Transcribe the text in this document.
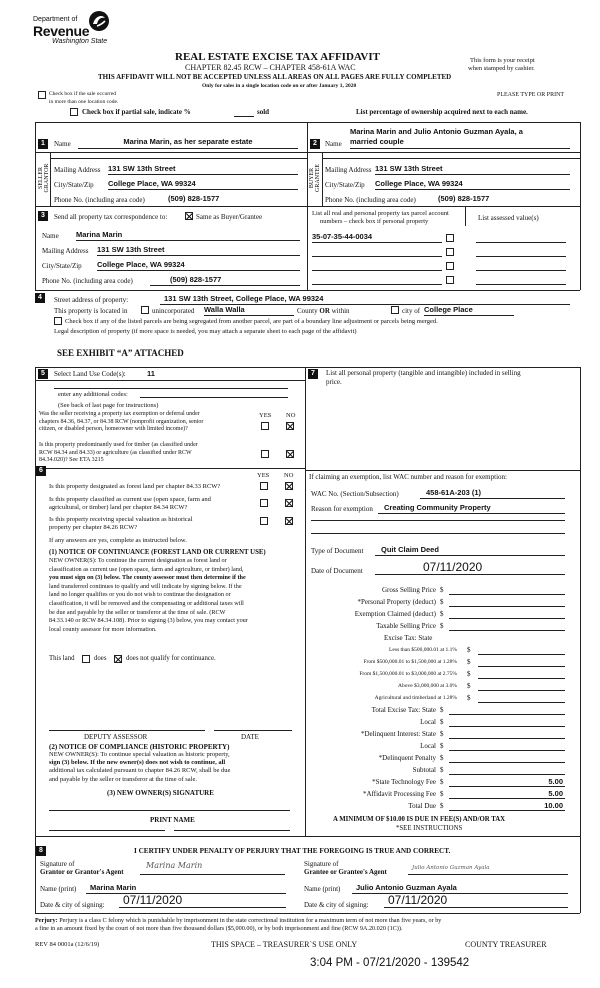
Department of
Revenue
Washington State
REAL ESTATE EXCISE TAX AFFIDAVIT
CHAPTER 82.45 RCW – CHAPTER 458-61A WAC
THIS AFFIDAVIT WILL NOT BE ACCEPTED UNLESS ALL AREAS ON ALL PAGES ARE FULLY COMPLETED
Only for sales in a single location code on or after January 1, 2020
This form is your receipt
when stamped by cashier.
PLEASE TYPE OR PRINT
Check box if the sale occurred
in more than one location code.
Check box if partial sale, indicate %	sold	List percentage of ownership acquired next to each name.
1	Name	Marina Marin, as her separate estate
SELLER
GRANTOR Mailing Address 131 SW 13th Street
City/State/Zip College Place, WA 99324
Phone No. (including area code)	(509) 828-1577
2
Marina Marin and Julio Antonio Guzman Ayala, a
Name married couple
BUYER
GRANTEE Mailing Address 131 SW 13th Street
City/State/Zip College Place, WA 99324
Phone No. (including area code)	(509) 828-1577
3	Send all property tax correspondence to:	Same as Buyer/Grantee
Name Marina Marin
Mailing Address 131 SW 13th Street
City/State/Zip College Place, WA 99324
Phone No. (including area code)	(509) 828-1577
List all real and personal property tax parcel account
numbers – check box if personal property	List assessed value(s)
35-07-35-44-0034
4	Street address of property:	131 SW 13th Street, College Place, WA 99324
This property is located in	unincorporated Walla Walla	County OR within	city of College Place
Check box if any of the listed parcels are being segregated from another parcel, are part of a boundary line adjustment or parcels being merged.
Legal description of property (if more space is needed, you may attach a separate sheet to each page of the affidavit)
SEE EXHIBIT “A” ATTACHED
5	Select Land Use Code(s):	11
enter any additional codes:
(See back of last page for instructions)
YES NO
Was the seller receiving a property tax exemption or deferral under
chapters 84.36, 84.37, or 84.38 RCW (nonprofit organization, senior
citizen, or disabled person, homeowner with limited income)?
Is this property predominantly used for timber (as classified under
RCW 84.34 and 84.33) or agriculture (as classified under RCW
84.34.020)? See ETA 3215
6
YES NO
Is this property designated as forest land per chapter 84.33 RCW?
Is this property classified as current use (open space, farm and
agricultural, or timber) land per chapter 84.34 RCW?
Is this property receiving special valuation as historical
property per chapter 84.26 RCW?
If any answers are yes, complete as instructed below.
(1) NOTICE OF CONTINUANCE (FOREST LAND OR CURRENT USE)
NEW OWNER(S): To continue the current designation as forest land or
classification as current use (open space, farm and agriculture, or timber) land,
you must sign on (3) below. The county assessor must then determine if the
land transferred continues to qualify and will indicate by signing below. If the
land no longer qualifies or you do not wish to continue the designation or
classification, it will be removed and the compensating or additional taxes will
be due and payable by the seller or transferor at the time of sale. (RCW
84.33.140 or RCW 84.34.108). Prior to signing (3) below, you may contact your
local county assessor for more information.
This land	does	does not qualify for continuance.
DEPUTY ASSESSOR	DATE
(2) NOTICE OF COMPLIANCE (HISTORIC PROPERTY)
NEW OWNER(S): To continue special valuation as historic property,
sign (3) below. If the new owner(s) does not wish to continue, all
additional tax calculated pursuant to chapter 84.26 RCW, shall be due
and payable by the seller or transferor at the time of sale.
(3) NEW OWNER(S) SIGNATURE
PRINT NAME
7	List all personal property (tangible and intangible) included in selling
price.
If claiming an exemption, list WAC number and reason for exemption:
WAC No. (Section/Subsection)	458-61A-203 (1)
Reason for exemption	Creating Community Property
Type of Document	Quit Claim Deed
Date of Document	07/11/2020
Gross Selling Price $
*Personal Property (deduct) $
Exemption Claimed (deduct) $
Taxable Selling Price $
Excise Tax: State
Less than $500,000.01 at 1.1% $
From $500,000.01 to $1,500,000 at 1.28% $
From $1,500,000.01 to $3,000,000 at 2.75% $
Above $3,000,000 at 3.0% $
Agricultural and timberland at 1.28% $
Total Excise Tax: State $
Local $
*Delinquent Interest: State $
Local $
*Delinquent Penalty $
Subtotal $
*State Technology Fee $	5.00
*Affidavit Processing Fee $	5.00
Total Due $	10.00
A MINIMUM OF $10.00 IS DUE IN FEE(S) AND/OR TAX
*SEE INSTRUCTIONS
8	I CERTIFY UNDER PENALTY OF PERJURY THAT THE FOREGOING IS TRUE AND CORRECT.
Signature of
Grantor or Grantor's Agent
Marina Marin	Signature of
Grantee or Grantee's Agent	Julio Antonio Guzman Ayala
Name (print)	Marina Marin	Name (print)	Julio Antonio Guzman Ayala
Date & city of signing:	07/11/2020	Date & city of signing:	07/11/2020
Perjury: Perjury is a class C felony which is punishable by imprisonment in the state correctional institution for a maximum term of not more than five years, or by
a fine in an amount fixed by the court of not more than five thousand dollars ($5,000.00), or by both imprisonment and fine (RCW 9A.20.020 (1C)).
REV 84 0001a (12/6/19)	THIS SPACE – TREASURER`S USE ONLY	COUNTY TREASURER
3:04 PM - 07/21/2020 - 139542
